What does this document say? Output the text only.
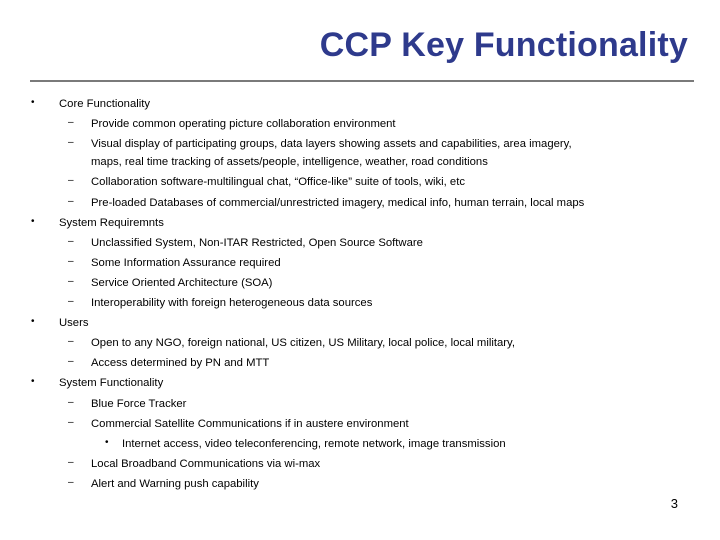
CCP Key Functionality
• Core Functionality
– Provide common operating picture collaboration environment
– Visual display of participating groups, data layers showing assets and capabilities, area imagery,
maps, real time tracking of assets/people, intelligence, weather, road conditions
– Collaboration software-multilingual chat, “Office-like” suite of tools, wiki, etc
– Pre-loaded Databases of commercial/unrestricted imagery, medical info, human terrain, local maps
• System Requiremnts
– Unclassified System, Non-ITAR Restricted, Open Source Software
– Some Information Assurance required
– Service Oriented Architecture (SOA)
– Interoperability with foreign heterogeneous data sources
• Users
– Open to any NGO, foreign national, US citizen, US Military, local police, local military,
– Access determined by PN and MTT
• System Functionality
– Blue Force Tracker
– Commercial Satellite Communications if in austere environment
• Internet access, video teleconferencing, remote network, image transmission
– Local Broadband Communications via wi-max
– Alert and Warning push capability
3
